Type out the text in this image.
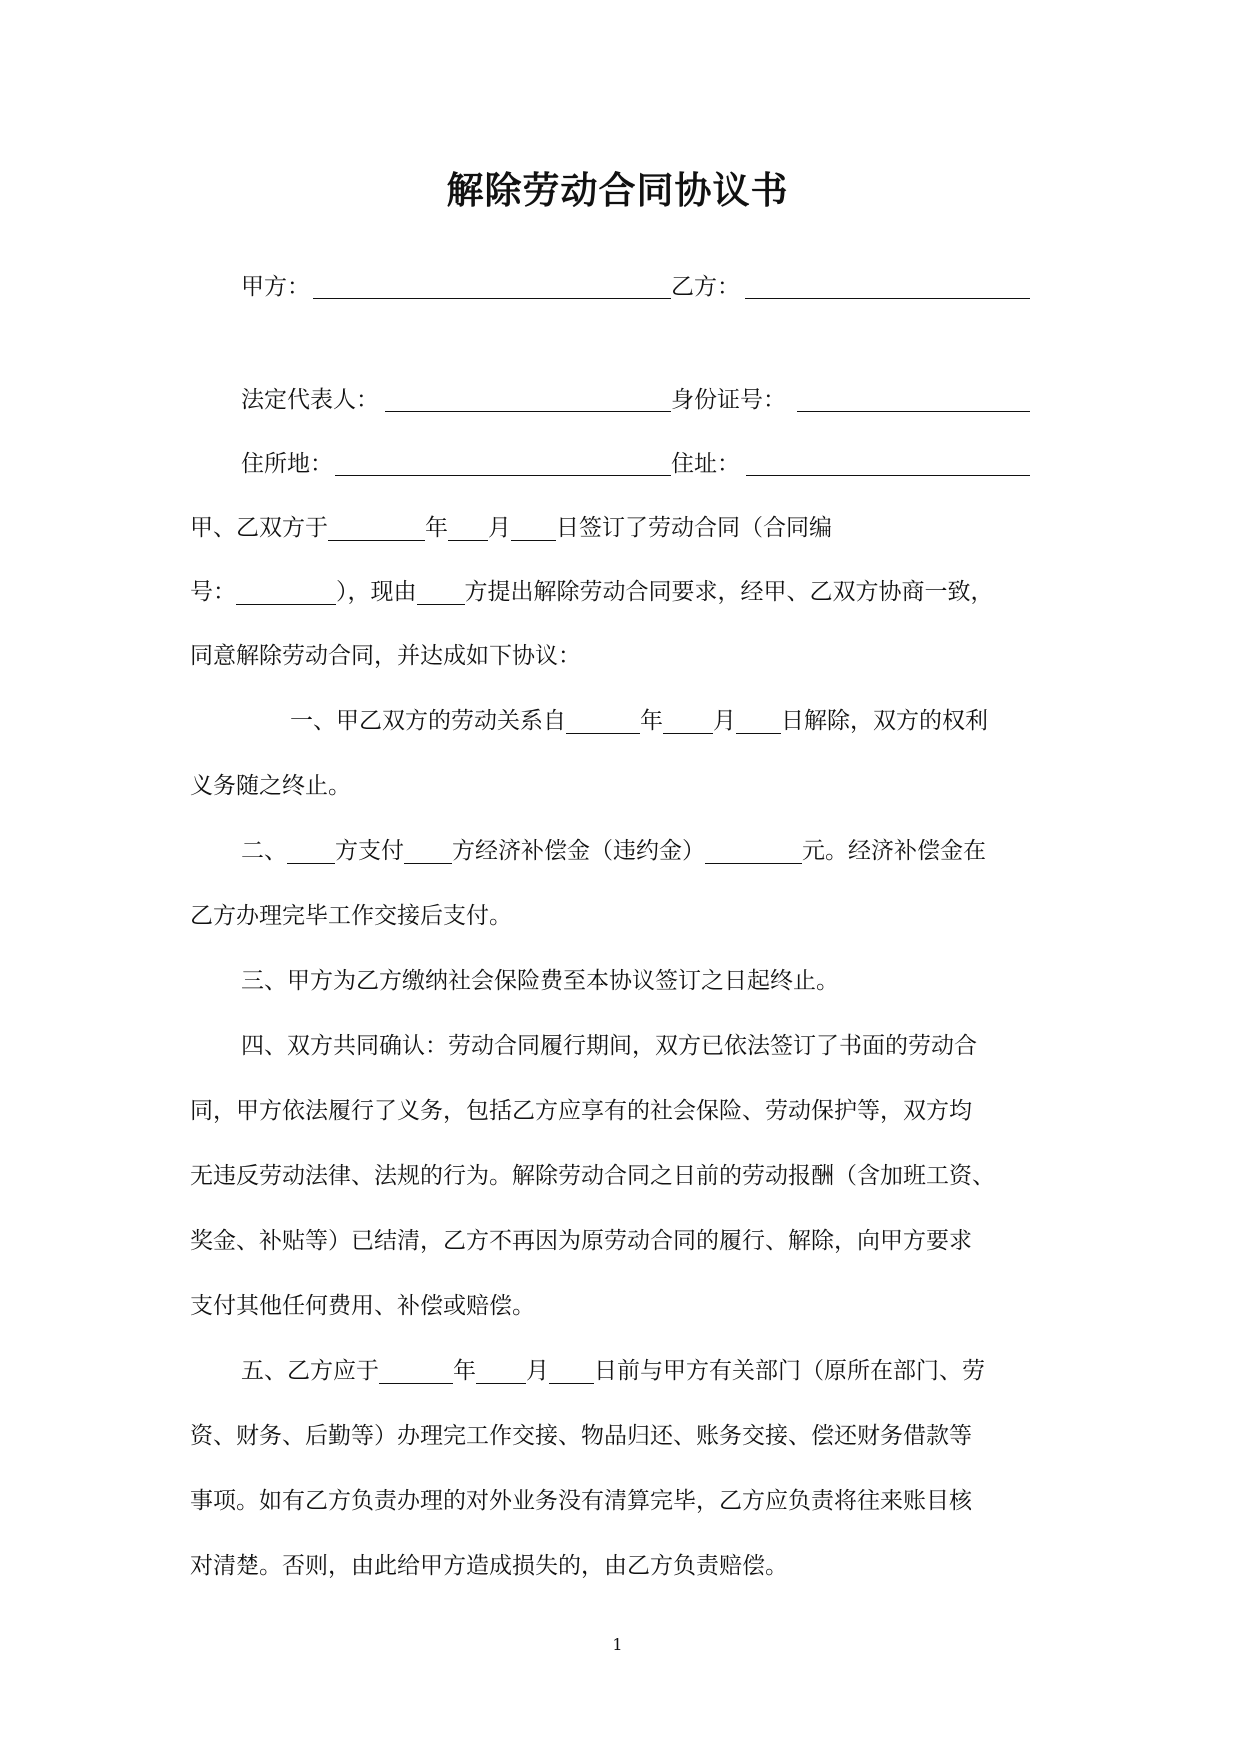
解除劳动合同协议书
甲方：	乙方：
法定代表人：	身份证号：
住所地：	住址：
甲、乙双方于	年 月 日签订了劳动合同（合同编
号：	），现由 方提出解除劳动合同要求，经甲、乙双方协商一致，
同意解除劳动合同，并达成如下协议：
一、甲乙双方的劳动关系自	年 月 日解除，双方的权利
义务随之终止。
二、 方支付 方经济补偿金（违约金）	元。经济补偿金在
乙方办理完毕工作交接后支付。
三、甲方为乙方缴纳社会保险费至本协议签订之日起终止。
四、双方共同确认：劳动合同履行期间，双方已依法签订了书面的劳动合
同，甲方依法履行了义务，包括乙方应享有的社会保险、劳动保护等，双方均
无违反劳动法律、法规的行为。解除劳动合同之日前的劳动报酬（含加班工资、
奖金、补贴等）已结清，乙方不再因为原劳动合同的履行、解除，向甲方要求
支付其他任何费用、补偿或赔偿。
五、乙方应于	年 月 日前与甲方有关部门（原所在部门、劳
资、财务、后勤等）办理完工作交接、物品归还、账务交接、偿还财务借款等
事项。如有乙方负责办理的对外业务没有清算完毕，乙方应负责将往来账目核
对清楚。否则，由此给甲方造成损失的，由乙方负责赔偿。
1
